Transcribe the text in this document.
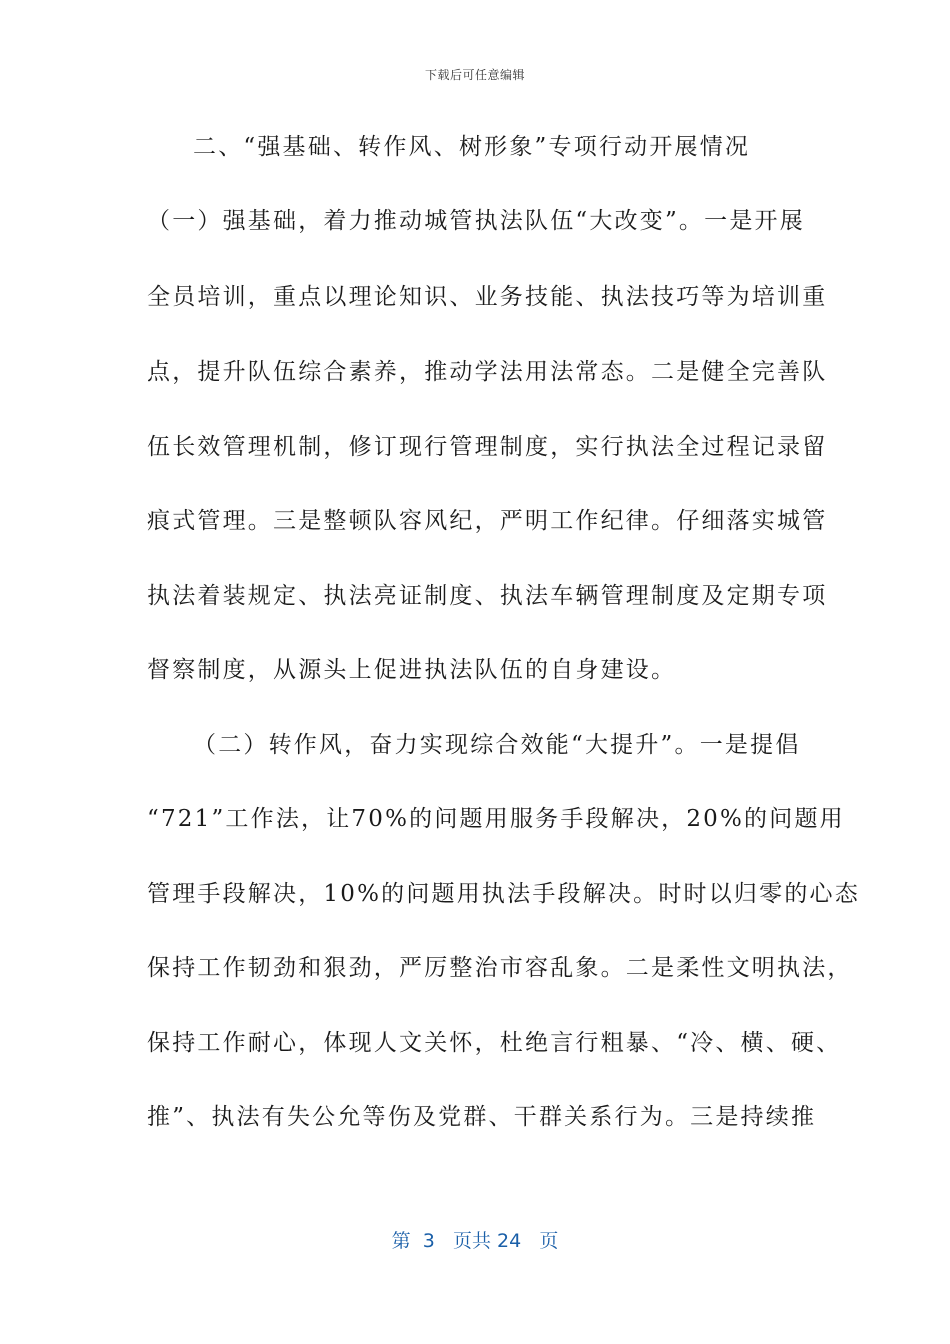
下载后可任意编辑
二、“强基础、转作风、树形象”专项行动开展情况
（一）强基础，着力推动城管执法队伍“大改变”。一是开展
全员培训，重点以理论知识、业务技能、执法技巧等为培训重
点，提升队伍综合素养，推动学法用法常态。二是健全完善队
伍长效管理机制，修订现行管理制度，实行执法全过程记录留
痕式管理。三是整顿队容风纪，严明工作纪律。仔细落实城管
执法着装规定、执法亮证制度、执法车辆管理制度及定期专项
督察制度，从源头上促进执法队伍的自身建设。
（二）转作风，奋力实现综合效能“大提升”。一是提倡
“721”工作法，让70%的问题用服务手段解决，20%的问题用
管理手段解决，10%的问题用执法手段解决。时时以归零的心态
保持工作韧劲和狠劲，严厉整治市容乱象。二是柔性文明执法，
保持工作耐心，体现人文关怀，杜绝言行粗暴、“冷、横、硬、
推”、执法有失公允等伤及党群、干群关系行为。三是持续推
第 3 页共 24 页
